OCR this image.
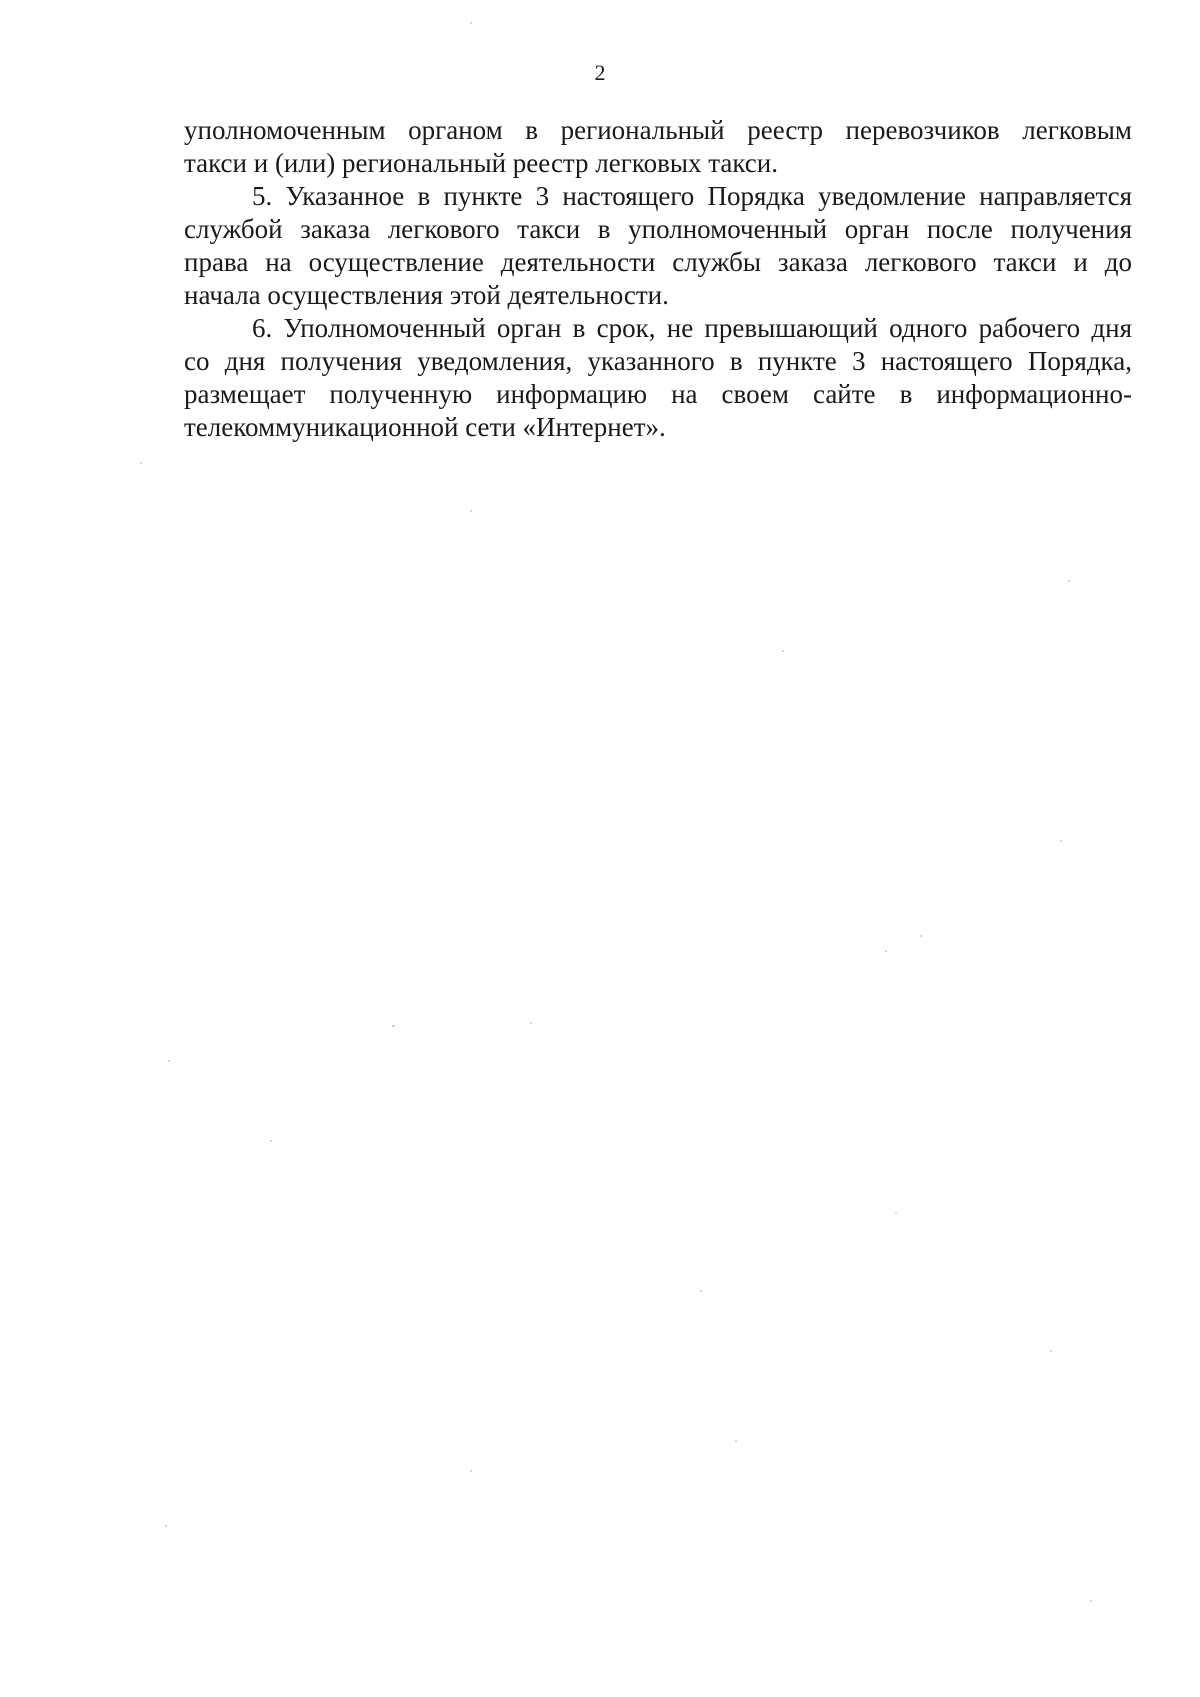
2
уполномоченным органом в региональный реестр перевозчиков легковым
такси и (или) региональный реестр легковых такси.
5. Указанное в пункте 3 настоящего Порядка уведомление направляется
службой заказа легкового такси в уполномоченный орган после получения
права на осуществление деятельности службы заказа легкового такси и до
начала осуществления этой деятельности.
6. Уполномоченный орган в срок, не превышающий одного рабочего дня
со дня получения уведомления, указанного в пункте 3 настоящего Порядка,
размещает полученную информацию на своем сайте в информационно-
телекоммуникационной сети «Интернет».
